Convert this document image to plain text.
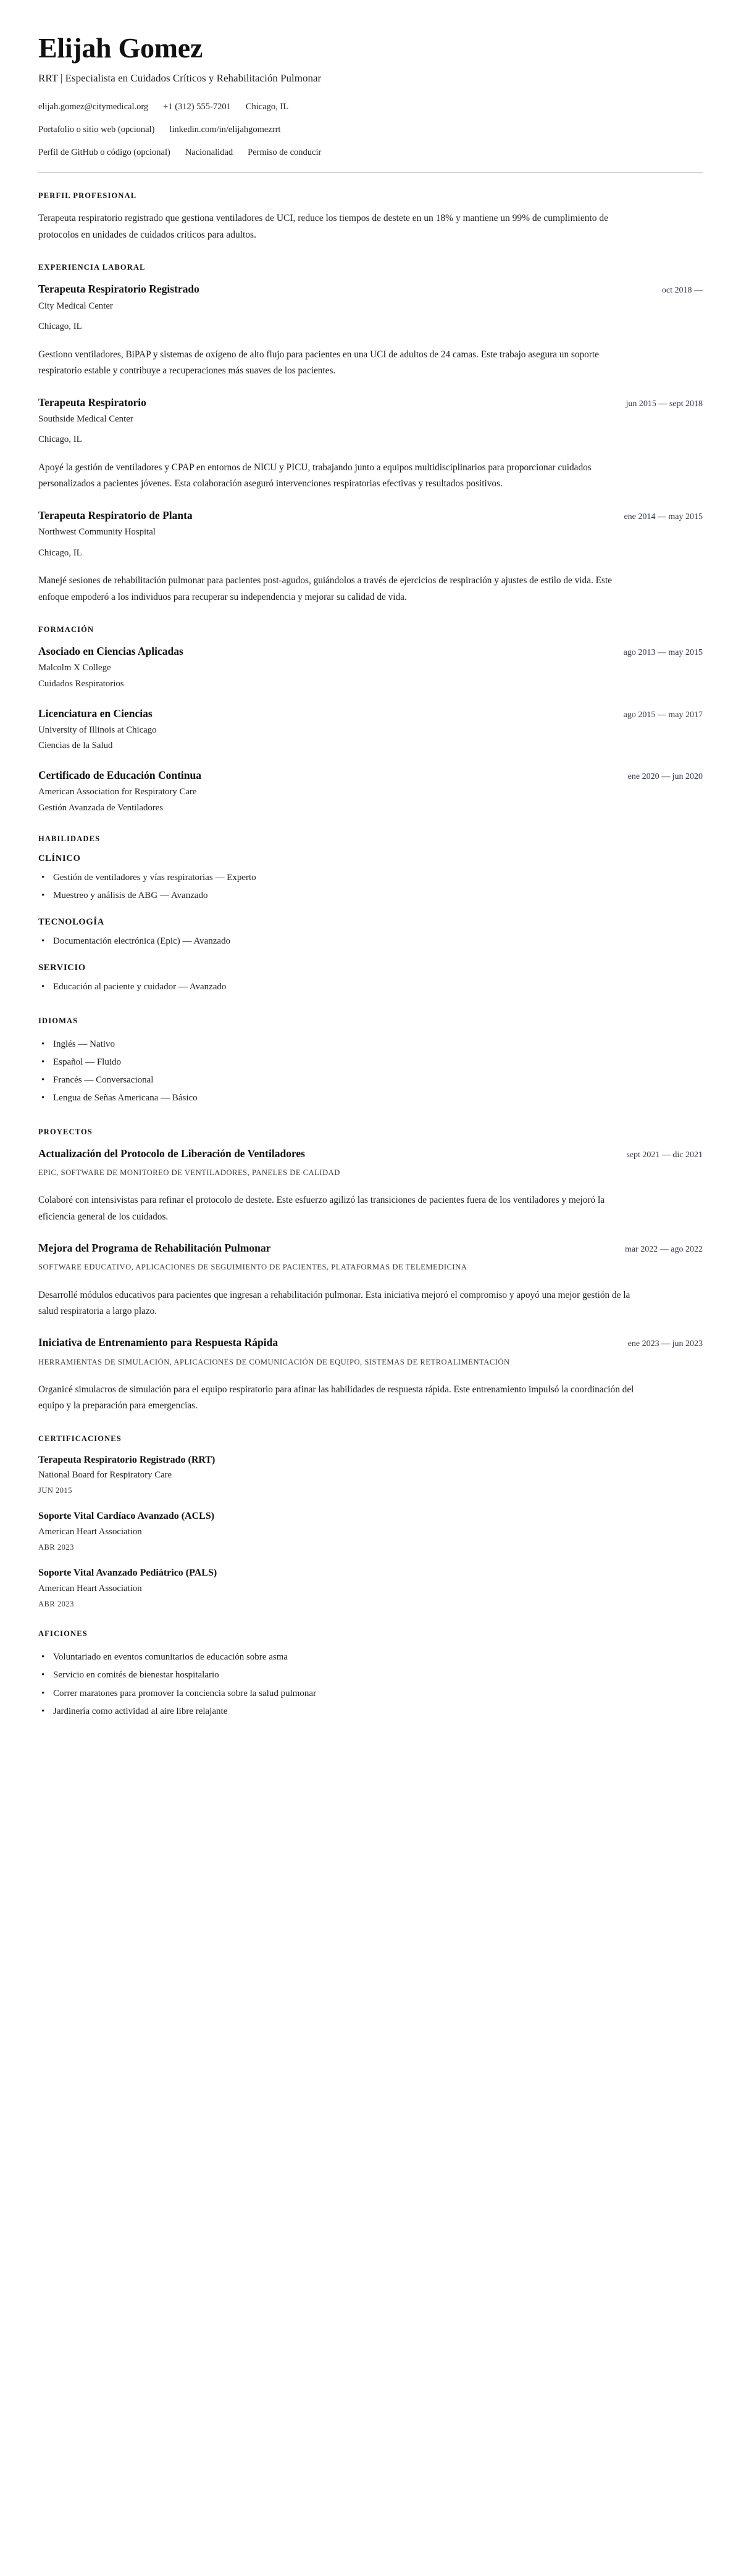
Elijah Gomez
RRT | Especialista en Cuidados Críticos y Rehabilitación Pulmonar
elijah.gomez@citymedical.org +1 (312) 555-7201 Chicago, IL
Portafolio o sitio web (opcional) linkedin.com/in/elijahgomezrrt
Perfil de GitHub o código (opcional) Nacionalidad Permiso de conducir
PERFIL PROFESIONAL

Terapeuta respiratorio registrado que gestiona ventiladores de UCI, reduce los tiempos de destete en un 18% y mantiene un 99% de cumplimiento de protocolos en unidades de cuidados críticos para adultos.

EXPERIENCIA LABORAL
Terapeuta Respiratorio Registrado	oct 2018 —
City Medical Center
Chicago, IL
Gestiono ventiladores, BiPAP y sistemas de oxígeno de alto flujo para pacientes en una UCI de adultos de 24 camas. Este trabajo asegura un soporte respiratorio estable y contribuye a recuperaciones más suaves de los pacientes.
Terapeuta Respiratorio	jun 2015 — sept 2018
Southside Medical Center
Chicago, IL
Apoyé la gestión de ventiladores y CPAP en entornos de NICU y PICU, trabajando junto a equipos multidisciplinarios para proporcionar cuidados personalizados a pacientes jóvenes. Esta colaboración aseguró intervenciones respiratorias efectivas y resultados positivos.
Terapeuta Respiratorio de Planta	ene 2014 — may 2015
Northwest Community Hospital
Chicago, IL
Manejé sesiones de rehabilitación pulmonar para pacientes post-agudos, guiándolos a través de ejercicios de respiración y ajustes de estilo de vida. Este enfoque empoderó a los individuos para recuperar su independencia y mejorar su calidad de vida.
FORMACIÓN
Asociado en Ciencias Aplicadas	ago 2013 — may 2015
Malcolm X College
Cuidados Respiratorios
Licenciatura en Ciencias	ago 2015 — may 2017
University of Illinois at Chicago
Ciencias de la Salud
Certificado de Educación Continua	ene 2020 — jun 2020
American Association for Respiratory Care
Gestión Avanzada de Ventiladores
HABILIDADES
CLÍNICO
• Gestión de ventiladores y vías respiratorias — Experto
• Muestreo y análisis de ABG — Avanzado
TECNOLOGÍA
• Documentación electrónica (Epic) — Avanzado
SERVICIO
• Educación al paciente y cuidador — Avanzado
IDIOMAS
• Inglés — Nativo
• Español — Fluido
• Francés — Conversacional
• Lengua de Señas Americana — Básico
PROYECTOS
Actualización del Protocolo de Liberación de Ventiladores	sept 2021 — dic 2021
EPIC, SOFTWARE DE MONITOREO DE VENTILADORES, PANELES DE CALIDAD
Colaboré con intensivistas para refinar el protocolo de destete. Este esfuerzo agilizó las transiciones de pacientes fuera de los ventiladores y mejoró la eficiencia general de los cuidados.
Mejora del Programa de Rehabilitación Pulmonar	mar 2022 — ago 2022
SOFTWARE EDUCATIVO, APLICACIONES DE SEGUIMIENTO DE PACIENTES, PLATAFORMAS DE TELEMEDICINA
Desarrollé módulos educativos para pacientes que ingresan a rehabilitación pulmonar. Esta iniciativa mejoró el compromiso y apoyó una mejor gestión de la salud respiratoria a largo plazo.
Iniciativa de Entrenamiento para Respuesta Rápida	ene 2023 — jun 2023
HERRAMIENTAS DE SIMULACIÓN, APLICACIONES DE COMUNICACIÓN DE EQUIPO, SISTEMAS DE RETROALIMENTACIÓN
Organicé simulacros de simulación para el equipo respiratorio para afinar las habilidades de respuesta rápida. Este entrenamiento impulsó la coordinación del equipo y la preparación para emergencias.
CERTIFICACIONES
Terapeuta Respiratorio Registrado (RRT)
National Board for Respiratory Care
JUN 2015
Soporte Vital Cardíaco Avanzado (ACLS)
American Heart Association
ABR 2023
Soporte Vital Avanzado Pediátrico (PALS)
American Heart Association
ABR 2023
AFICIONES
• Voluntariado en eventos comunitarios de educación sobre asma
• Servicio en comités de bienestar hospitalario
• Correr maratones para promover la conciencia sobre la salud pulmonar
• Jardinería como actividad al aire libre relajante
